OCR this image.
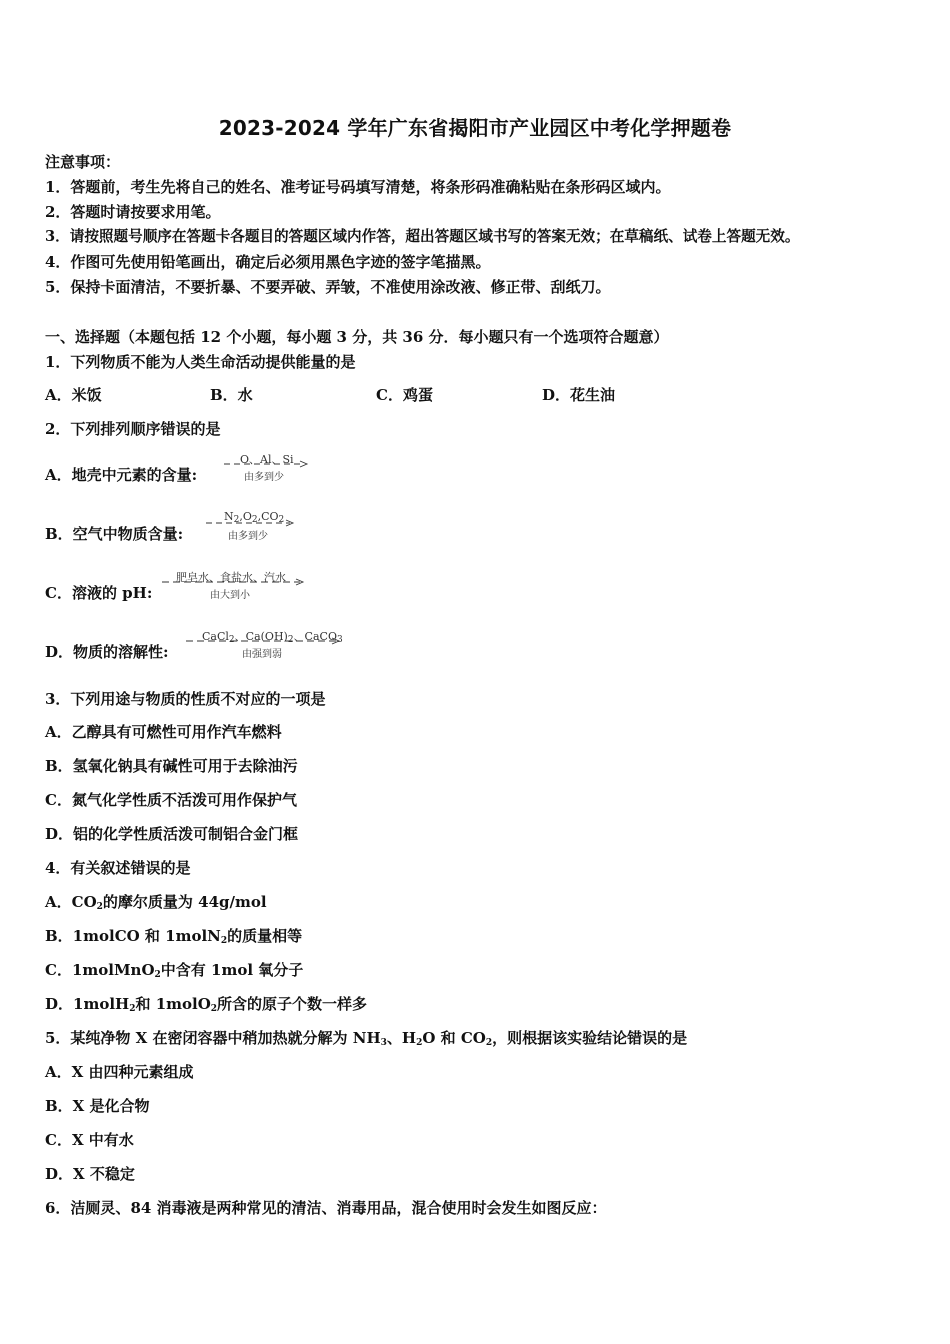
2023-2024 学年广东省揭阳市产业园区中考化学押题卷
注意事项：
1．答题前，考生先将自己的姓名、准考证号码填写清楚，将条形码准确粘贴在条形码区域内。
2．答题时请按要求用笔。
3．请按照题号顺序在答题卡各题目的答题区域内作答，超出答题区域书写的答案无效；在草稿纸、试卷上答题无效。
4．作图可先使用铅笔画出，确定后必须用黑色字迹的签字笔描黑。
5．保持卡面清洁，不要折暴、不要弄破、弄皱，不准使用涂改液、修正带、刮纸刀。
一、选择题（本题包括 12 个小题，每小题 3 分，共 36 分．每小题只有一个选项符合题意）
1．下列物质不能为人类生命活动提供能量的是
A．米饭	B．水	C．鸡蛋	D．花生油
2．下列排列顺序错误的是
A．地壳中元素的含量:
O、Al、Si
由多到少
B．空气中物质含量:
$N_2,O_2,CO_2$
由多到少
C．溶液的 pH:
肥皂水、食盐水、汽水
由大到小
D．物质的溶解性:
CaCl$_2$、$Ca(OH)_2$、CaCO$_3$
由强到弱
3．下列用途与物质的性质不对应的一项是
A．乙醇具有可燃性可用作汽车燃料
B．氢氧化钠具有碱性可用于去除油污
C．氮气化学性质不活泼可用作保护气
D．铝的化学性质活泼可制铝合金门框
4．有关叙述错误的是
A．$CO_2$的摩尔质量为 44g/mol
B．1molCO 和 1molN$_2$的质量相等
C．1molMnO$_2$中含有 1mol 氧分子
D．1molH$_2$和 1molO$_2$所含的原子个数一样多
5．某纯净物 X 在密闭容器中稍加热就分解为 $NH_3$、$H_2O$ 和 $CO_2$，则根据该实验结论错误的是
A．X 由四种元素组成
B．X 是化合物
C．X 中有水
D．X 不稳定
6．洁厕灵、84 消毒液是两种常见的清洁、消毒用品，混合使用时会发生如图反应：
